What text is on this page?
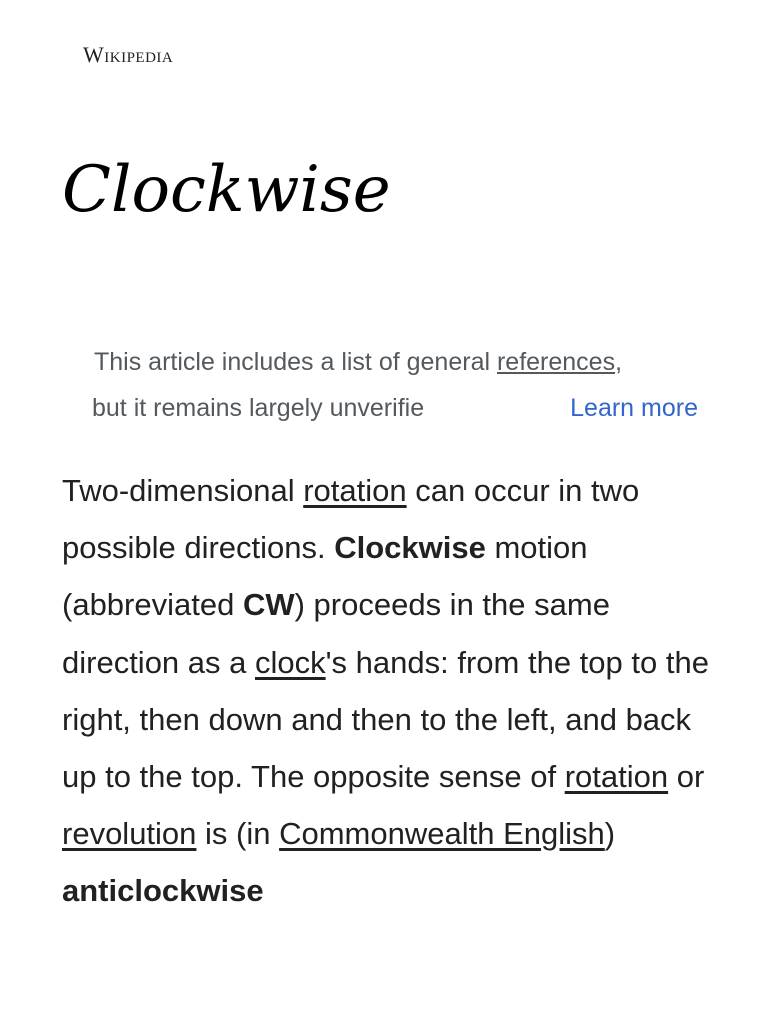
Wikipedia
Clockwise
This article includes a list of general references,
but it remains largely unverifie	Learn more

Two-dimensional rotation can occur in two possible directions. Clockwise motion (abbreviated CW) proceeds in the same direction as a clock's hands: from the top to the right, then down and then to the left, and back up to the top. The opposite sense of rotation or revolution is (in Commonwealth English) anticlockwise
